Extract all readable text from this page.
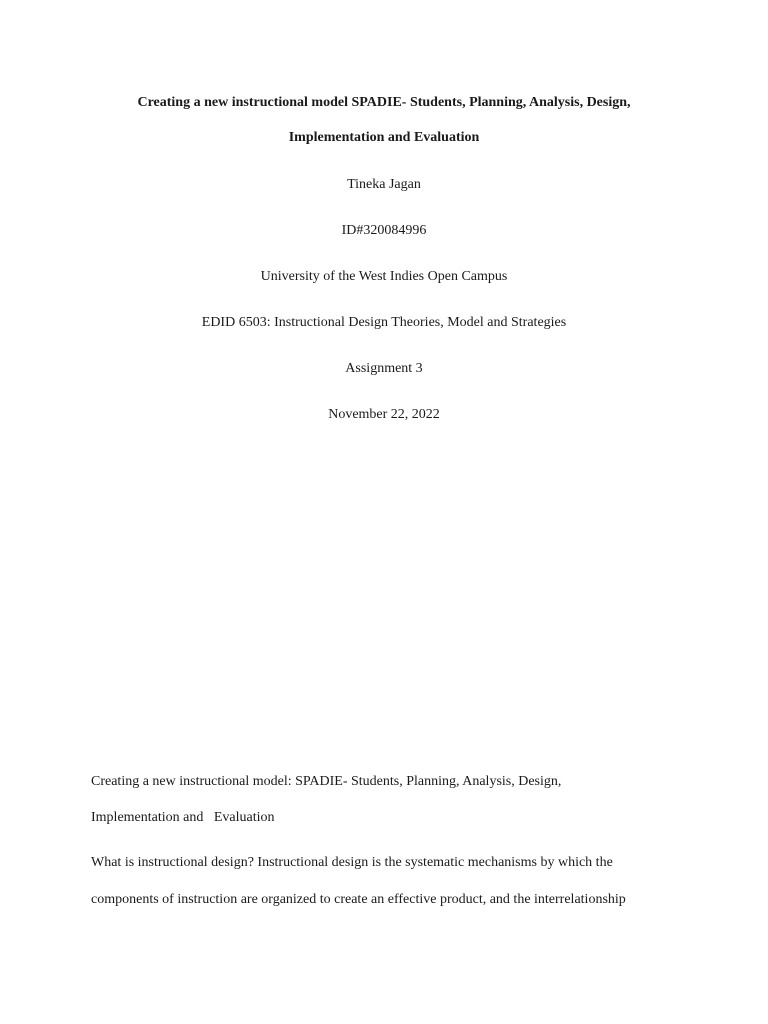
Creating a new instructional model SPADIE- Students, Planning, Analysis, Design,
Implementation and Evaluation
Tineka Jagan
ID#320084996
University of the West Indies Open Campus
EDID 6503: Instructional Design Theories, Model and Strategies
Assignment 3
November 22, 2022
Creating a new instructional model: SPADIE- Students, Planning, Analysis, Design,
Implementation and   Evaluation
What is instructional design? Instructional design is the systematic mechanisms by which the
components of instruction are organized to create an effective product, and the interrelationship
